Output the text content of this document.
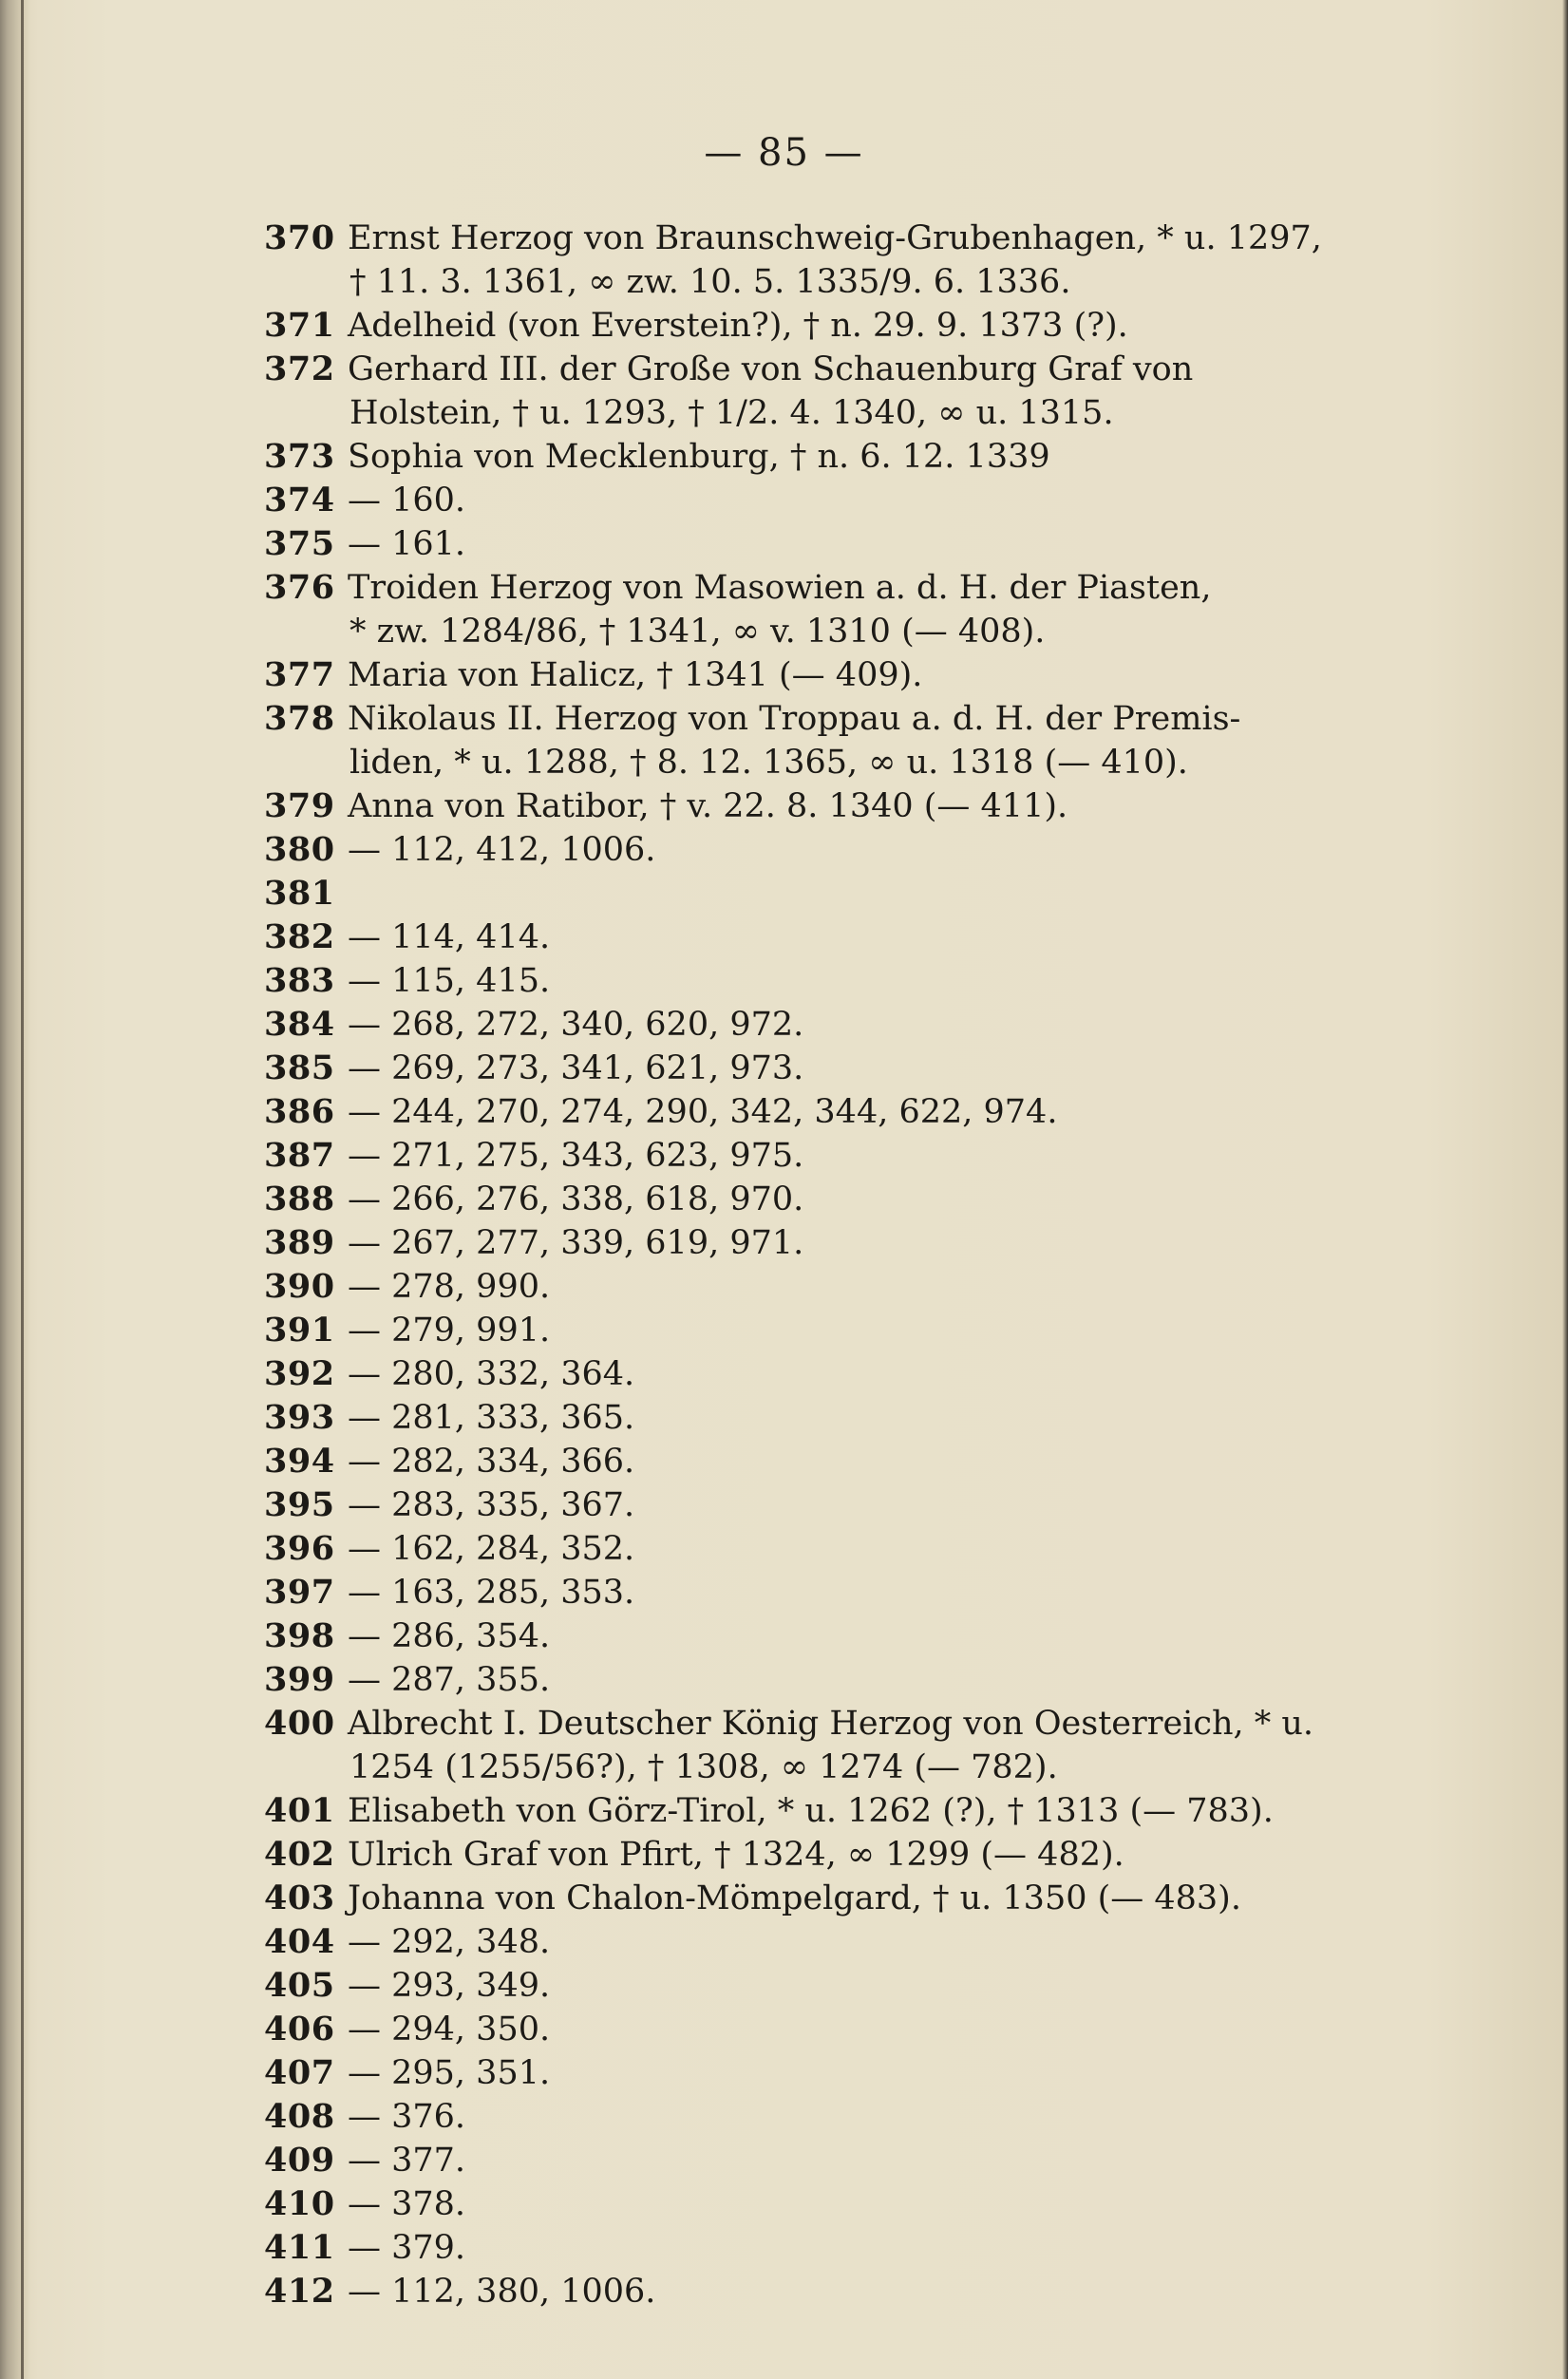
— 85 —
370 Ernst Herzog von Braunschweig-Grubenhagen, * u. 1297,
† 11. 3. 1361, ∞ zw. 10. 5. 1335/9. 6. 1336.
371 Adelheid (von Everstein?), † n. 29. 9. 1373 (?).
372 Gerhard III. der Große von Schauenburg Graf von
Holstein, † u. 1293, † 1/2. 4. 1340, ∞ u. 1315.
373 Sophia von Mecklenburg, † n. 6. 12. 1339
374 — 160.
375 — 161.
376 Troiden Herzog von Masowien a. d. H. der Piasten,
* zw. 1284/86, † 1341, ∞ v. 1310 (— 408).
377 Maria von Halicz, † 1341 (— 409).
378 Nikolaus II. Herzog von Troppau a. d. H. der Premis-
liden, * u. 1288, † 8. 12. 1365, ∞ u. 1318 (— 410).
379 Anna von Ratibor, † v. 22. 8. 1340 (— 411).
380 — 112, 412, 1006.
381
382 — 114, 414.
383 — 115, 415.
384 — 268, 272, 340, 620, 972.
385 — 269, 273, 341, 621, 973.
386 — 244, 270, 274, 290, 342, 344, 622, 974.
387 — 271, 275, 343, 623, 975.
388 — 266, 276, 338, 618, 970.
389 — 267, 277, 339, 619, 971.
390 — 278, 990.
391 — 279, 991.
392 — 280, 332, 364.
393 — 281, 333, 365.
394 — 282, 334, 366.
395 — 283, 335, 367.
396 — 162, 284, 352.
397 — 163, 285, 353.
398 — 286, 354.
399 — 287, 355.
400 Albrecht I. Deutscher König Herzog von Oesterreich, * u.
1254 (1255/56?), † 1308, ∞ 1274 (— 782).
401 Elisabeth von Görz-Tirol, * u. 1262 (?), † 1313 (— 783).
402 Ulrich Graf von Pfirt, † 1324, ∞ 1299 (— 482).
403 Johanna von Chalon-Mömpelgard, † u. 1350 (— 483).
404 — 292, 348.
405 — 293, 349.
406 — 294, 350.
407 — 295, 351.
408 — 376.
409 — 377.
410 — 378.
411 — 379.
412 — 112, 380, 1006.
